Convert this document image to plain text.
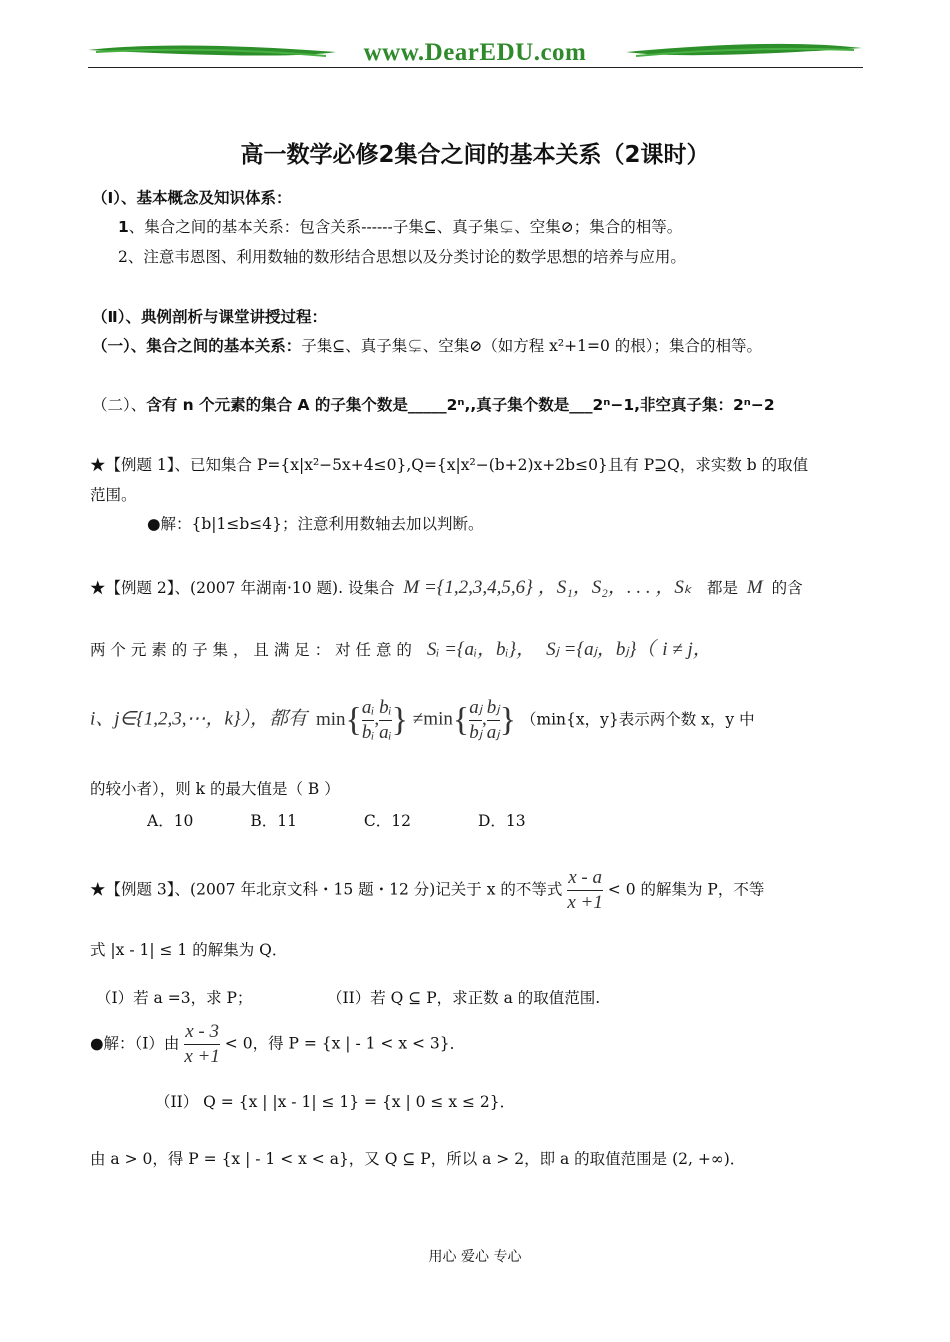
www.DearEDU.com
高一数学必修2集合之间的基本关系（2课时）
（Ⅰ）、基本概念及知识体系：
1、集合之间的基本关系：包含关系------子集⊆、真子集⊊、空集⊘；集合的相等。
2、注意韦恩图、利用数轴的数形结合思想以及分类讨论的数学思想的培养与应用。
（Ⅱ）、典例剖析与课堂讲授过程：
（一）、集合之间的基本关系：子集⊆、真子集⊊、空集⊘（如方程 x²+1=0 的根）；集合的相等。
（二）、含有 n 个元素的集合 A 的子集个数是_____2ⁿ,,真子集个数是___2ⁿ−1,非空真子集：2ⁿ−2
★【例题 1】、已知集合 P={x|x²−5x+4≤0},Q={x|x²−(b+2)x+2b≤0}且有 P⊇Q，求实数 b 的取值
范围。
●解：{b|1≤b≤4}；注意利用数轴去加以判断。
★【例题 2】、(2007 年湖南·10 题). 设集合 M ={1,2,3,4,5,6} ，S₁，S₂，. . . ，Sₖ 都是 M 的含
两 个 元 素 的 子 集 ， 且 满 足 ： 对 任 意 的 Sᵢ ={aᵢ，bᵢ}， Sⱼ ={aⱼ，bⱼ}（ i ≠ j，
i、j∈{1,2,3,⋯，k}），都有 $\min\{ \frac{\text{aᵢ}}{\text{bᵢ}}$ , $\frac{\text{bᵢ}}{\text{aᵢ}}$ } $\ne\min\{ \frac{\text{aⱼ}}{\text{bⱼ}}$ , $\frac{\text{bⱼ}}{\text{aⱼ}}$ } （min{x，y}表示两个数 x，y 中
的较小者），则 k 的最大值是（ B ）
A．10	B．11	C．12	D．13
★【例题 3】、(2007 年北京文科・15 题・12 分)记关于 x 的不等式 $\frac{x - a}{x +1} < 0$ 的解集为 P，不等
式 |x - 1| ≤ 1 的解集为 Q．
（I）若 a =3，求 P；	（II）若 Q ⊆ P，求正数 a 的取值范围.
●解：（I）由 $\frac{x - 3}{x +1} < 0$，得 P = {x | - 1 < x < 3}．
（II） Q = {x | |x - 1| ≤ 1} = {x | 0 ≤ x ≤ 2}．
由 a > 0，得 P = {x | - 1 < x < a}，又 Q ⊆ P，所以 a > 2，即 a 的取值范围是 (2, +∞)．
用心 爱心 专心
